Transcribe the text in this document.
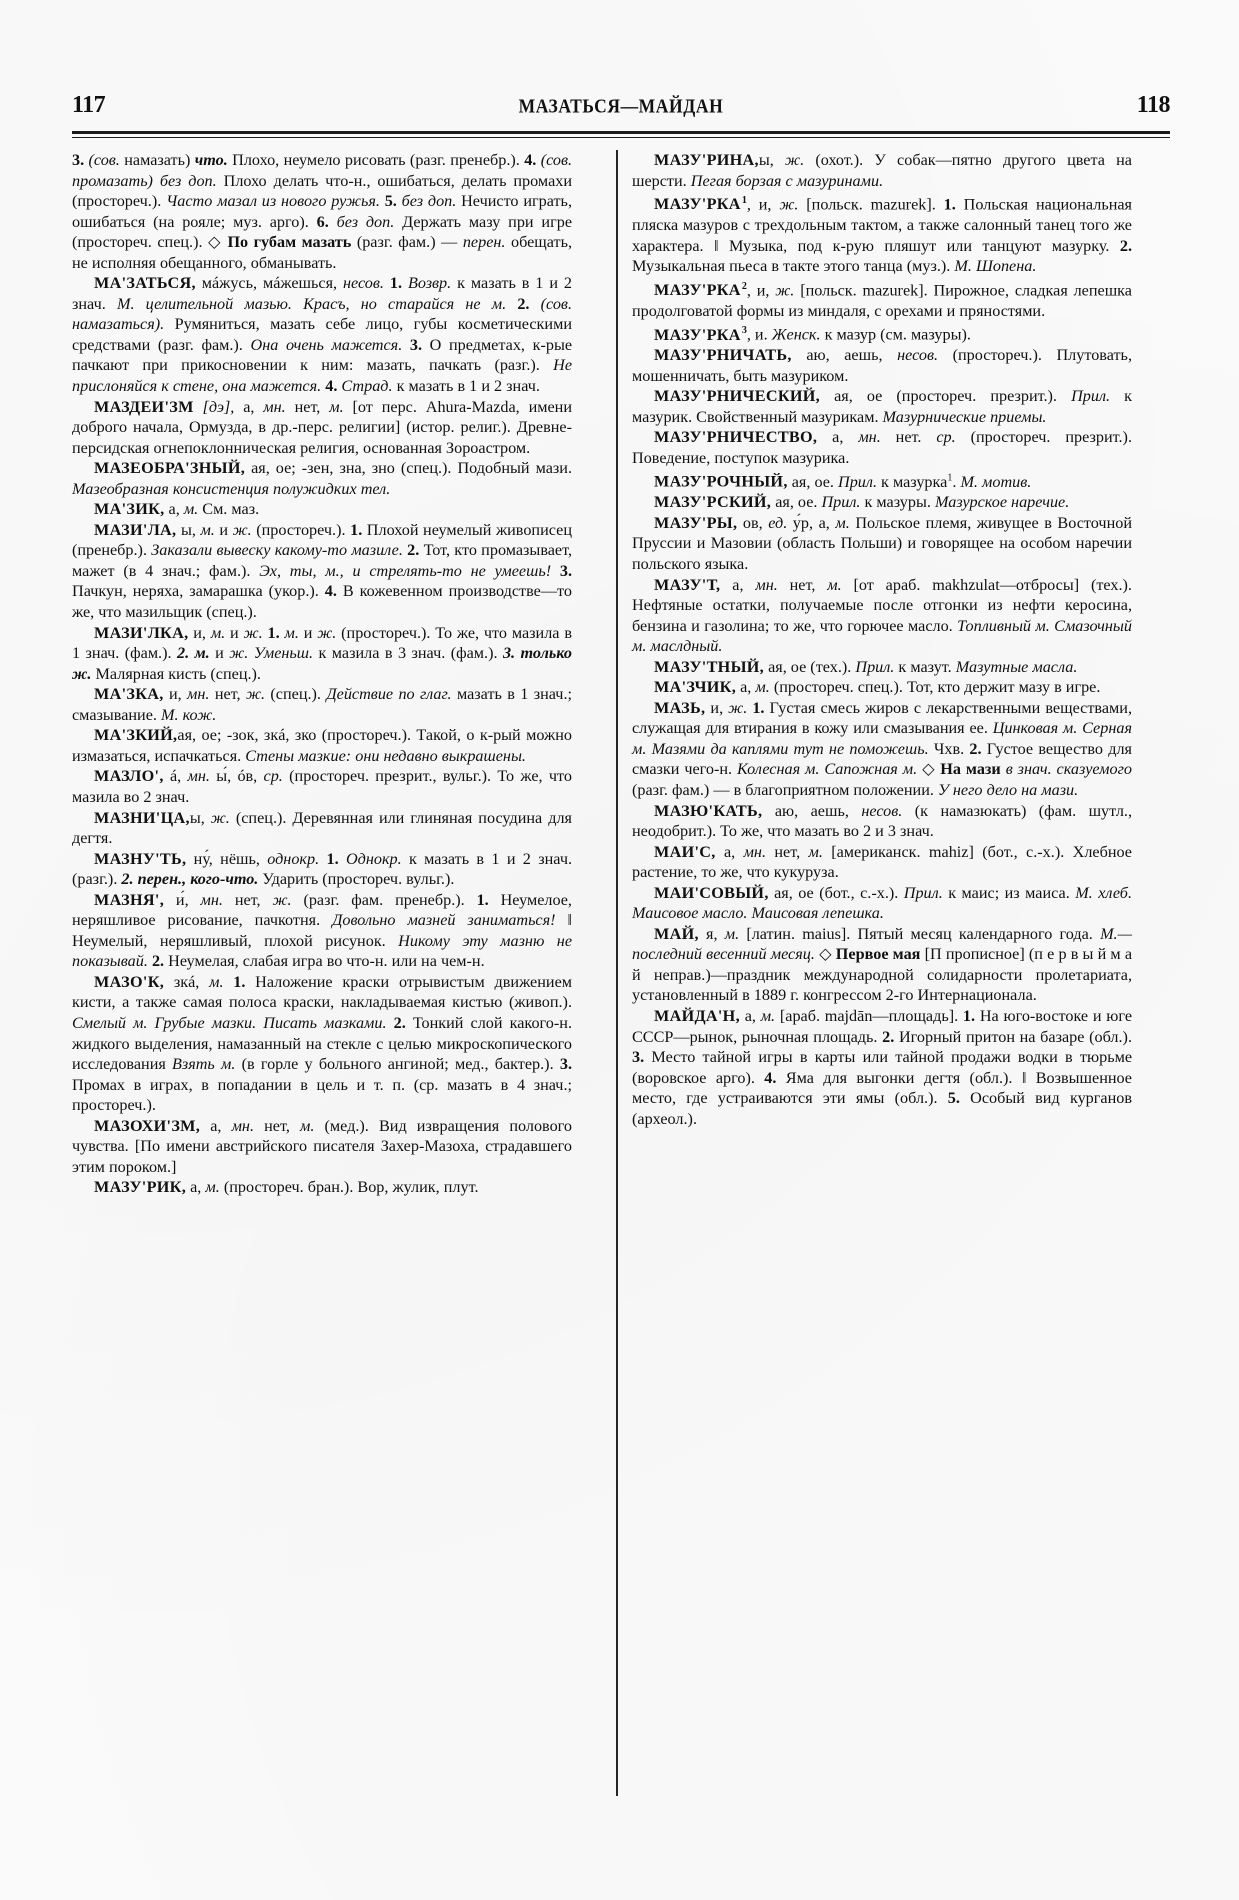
117	МАЗАТЬСЯ—МАЙДАН	118

3. (сов. намазать) что. Плохо, неумело рисовать (разг. пренебр.). 4. (сов. промазать) без доп. Плохо делать что-н., ошибаться, делать промахи (простореч.). Часто мазал из нового ружья. 5. без доп. Нечисто играть, ошибаться (на рояле; муз. арго). 6. без доп. Держать мазу при игре (простореч. спец.). ◇ По губам мазать (разг. фам.) — перен. обещать, не исполняя обещанного, обманывать.

МА'ЗАТЬСЯ, мáжусь, мáжешься, несов. 1. Возвр. к мазать в 1 и 2 знач. М. целительной мазью. Красъ, но старайся не м. 2. (сов. намазаться). Румяниться, мазать себе лицо, губы косметическими средствами (разг. фам.). Она очень мажется. 3. О предметах, к-рые пачкают при прикосновении к ним: мазать, пачкать (разг.). Не прислоняйся к стене, она мажется. 4. Страд. к мазать в 1 и 2 знач.

МАЗДЕИ'ЗМ [дэ], а, мн. нет, м. [от перс. Ahura-Mazda, имени доброго начала, Ормузда, в др.-перс. религии] (истор. религ.). Древне-персидская огнепоклонническая религия, основанная Зороастром.

МАЗЕОБРА'ЗНЫЙ, ая, ое; -зен, зна, зно (спец.). Подобный мази. Мазеобразная консистенция полужидких тел.

МА'ЗИК, а, м. См. маз.

МАЗИ'ЛА, ы, м. и ж. (простореч.). 1. Плохой неумелый живописец (пренебр.). Заказали вывеску какому-то мазиле. 2. Тот, кто промазывает, мажет (в 4 знач.; фам.). Эх, ты, м., и стрелять-то не умеешь! 3. Пачкун, неряха, замарашка (укор.). 4. В кожевенном производстве—то же, что мазильщик (спец.).

МАЗИ'ЛКА, и, м. и ж. 1. м. и ж. (простореч.). То же, что мазила в 1 знач. (фам.). 2. м. и ж. Уменьш. к мазила в 3 знач. (фам.). 3. только ж. Малярная кисть (спец.).

МА'ЗКА, и, мн. нет, ж. (спец.). Действие по глаг. мазать в 1 знач.; смазывание. М. кож.

МА'ЗКИЙ,ая, ое; -зок, зкá, зко (простореч.). Такой, о к-рый можно измазаться, испачкаться. Стены мазкие: они недавно выкрашены.

МАЗЛО', á, мн. ы́, óв, ср. (простореч. презрит., вульг.). То же, что мазила во 2 знач.

МАЗНИ'ЦА,ы, ж. (спец.). Деревянная или глиняная посудина для дегтя.

МАЗНУ'ТЬ, ну́, нёшь, однокр. 1. Однокр. к мазать в 1 и 2 знач. (разг.). 2. перен., кого-что. Ударить (простореч. вульг.).

МАЗНЯ', и́, мн. нет, ж. (разг. фам. пренебр.). 1. Неумелое, неряшливое рисование, пачкотня. Довольно мазней заниматься! ‖ Неумелый, неряшливый, плохой рисунок. Никому эту мазню не показывай. 2. Неумелая, слабая игра во что-н. или на чем-н.

МАЗО'К, зкá, м. 1. Наложение краски отрывистым движением кисти, а также самая полоса краски, накладываемая кистью (живоп.). Смелый м. Грубые мазки. Писать мазками. 2. Тонкий слой какого-н. жидкого выделения, намазанный на стекле с целью микроскопического исследования Взять м. (в горле у больного ангиной; мед., бактер.). 3. Промах в играх, в попадании в цель и т. п. (ср. мазать в 4 знач.; простореч.).

МАЗОХИ'ЗМ, а, мн. нет, м. (мед.). Вид извращения полового чувства. [По имени австрийского писателя Захер-Мазоха, страдавшего этим пороком.]

МАЗУ'РИК, а, м. (простореч. бран.). Вор, жулик, плут.

МАЗУ'РИНА,ы, ж. (охот.). У собак—пятно другого цвета на шерсти. Пегая борзая с мазуринами.

МАЗУ'РКА$^1$, и, ж. [польск. mazurek]. 1. Польская национальная пляска мазуров с трехдольным тактом, а также салонный танец того же характера. ‖ Музыка, под к-рую пляшут или танцуют мазурку. 2. Музыкальная пьеса в такте этого танца (муз.). М. Шопена.

МАЗУ'РКА$^2$, и, ж. [польск. mazurek]. Пирожное, сладкая лепешка продолговатой формы из миндаля, с орехами и пряностями.

МАЗУ'РКА$^3$, и. Женск. к мазур (см. мазуры).

МАЗУ'РНИЧАТЬ, аю, аешь, несов. (простореч.). Плутовать, мошенничать, быть мазуриком.

МАЗУ'РНИЧЕСКИЙ, ая, ое (простореч. презрит.). Прил. к мазурик. Свойственный мазурикам. Мазурнические приемы.

МАЗУ'РНИЧЕСТВО, а, мн. нет. ср. (простореч. презрит.). Поведение, поступок мазурика.

МАЗУ'РОЧНЫЙ, ая, ое. Прил. к мазурка$^1$. М. мотив.

МАЗУ'РСКИЙ, ая, ое. Прил. к мазуры. Мазурское наречие.

МАЗУ'РЫ, ов, ед. у́р, а, м. Польское племя, живущее в Восточной Пруссии и Мазовии (область Польши) и говорящее на особом наречии польского языка.

МАЗУ'Т, а, мн. нет, м. [от араб. makhzulat—отбросы] (тех.). Нефтяные остатки, получаемые после отгонки из нефти керосина, бензина и газолина; то же, что горючее масло. Топливный м. Смазочный м. маслдный.

МАЗУ'ТНЫЙ, ая, ое (тех.). Прил. к мазут. Мазутные масла.

МА'ЗЧИК, а, м. (простореч. спец.). Тот, кто держит мазу в игре.

МАЗЬ, и, ж. 1. Густая смесь жиров с лекарственными веществами, служащая для втирания в кожу или смазывания ее. Цинковая м. Серная м. Мазями да каплями тут не поможешь. Чхв. 2. Густое вещество для смазки чего-н. Колесная м. Сапожная м. ◇ На мази в знач. сказуемого (разг. фам.) — в благоприятном положении. У него дело на мази.

МАЗЮ'КАТЬ, аю, аешь, несов. (к намазюкать) (фам. шутл., неодобрит.). То же, что мазать во 2 и 3 знач.

МАИ'С, а, мн. нет, м. [американск. mahiz] (бот., с.-х.). Хлебное растение, то же, что кукуруза.

МАИ'СОВЫЙ, ая, ое (бот., с.-х.). Прил. к маис; из маиса. М. хлеб. Маисовое масло. Маисовая лепешка.

МАЙ, я, м. [латин. maius]. Пятый месяц календарного года. М.—последний весенний месяц. ◇ Первое мая [П прописное] (п е р в ы й м а й неправ.)—праздник международной солидарности пролетариата, установленный в 1889 г. конгрессом 2-го Интернационала.

МАЙДА'Н, а, м. [араб. majdān—площадь]. 1. На юго-востоке и юге СССР—рынок, рыночная площадь. 2. Игорный притон на базаре (обл.). 3. Место тайной игры в карты или тайной продажи водки в тюрьме (воровское арго). 4. Яма для выгонки дегтя (обл.). ‖ Возвышенное место, где устраиваются эти ямы (обл.). 5. Особый вид курганов (археол.).
